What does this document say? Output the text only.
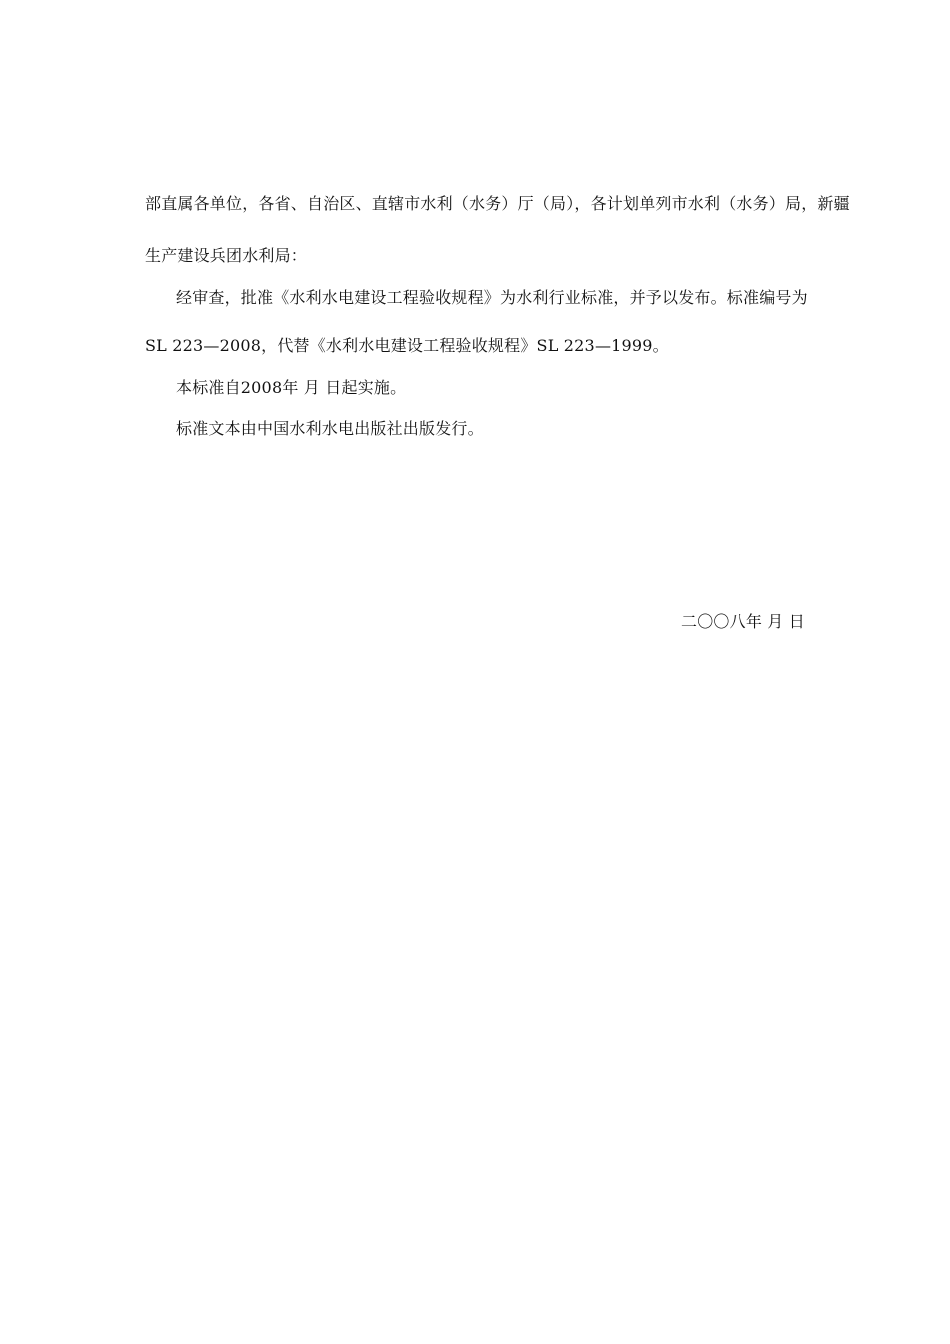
部直属各单位，各省、自治区、直辖市水利（水务）厅（局），各计划单列市水利（水务）局，新疆
生产建设兵团水利局：
经审查，批准《水利水电建设工程验收规程》为水利行业标准，并予以发布。标准编号为
SL 223—2008，代替《水利水电建设工程验收规程》SL 223—1999。
本标准自2008年 月 日起实施。
标准文本由中国水利水电出版社出版发行。
二〇〇八年 月 日
